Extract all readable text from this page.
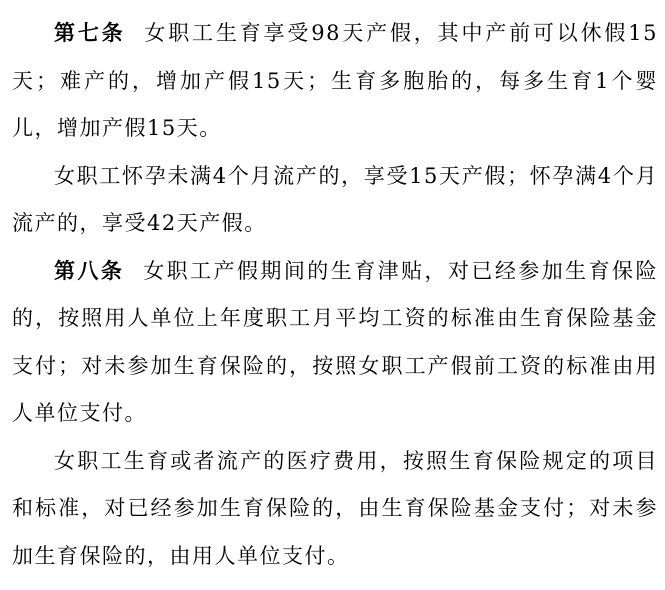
第七条 女职工生育享受98天产假，其中产前可以休假15天；难产的，增加产假15天；生育多胞胎的，每多生育1个婴儿，增加产假15天。

女职工怀孕未满4个月流产的，享受15天产假；怀孕满4个月流产的，享受42天产假。

第八条 女职工产假期间的生育津贴，对已经参加生育保险的，按照用人单位上年度职工月平均工资的标准由生育保险基金支付；对未参加生育保险的，按照女职工产假前工资的标准由用人单位支付。

女职工生育或者流产的医疗费用，按照生育保险规定的项目和标准，对已经参加生育保险的，由生育保险基金支付；对未参加生育保险的，由用人单位支付。
